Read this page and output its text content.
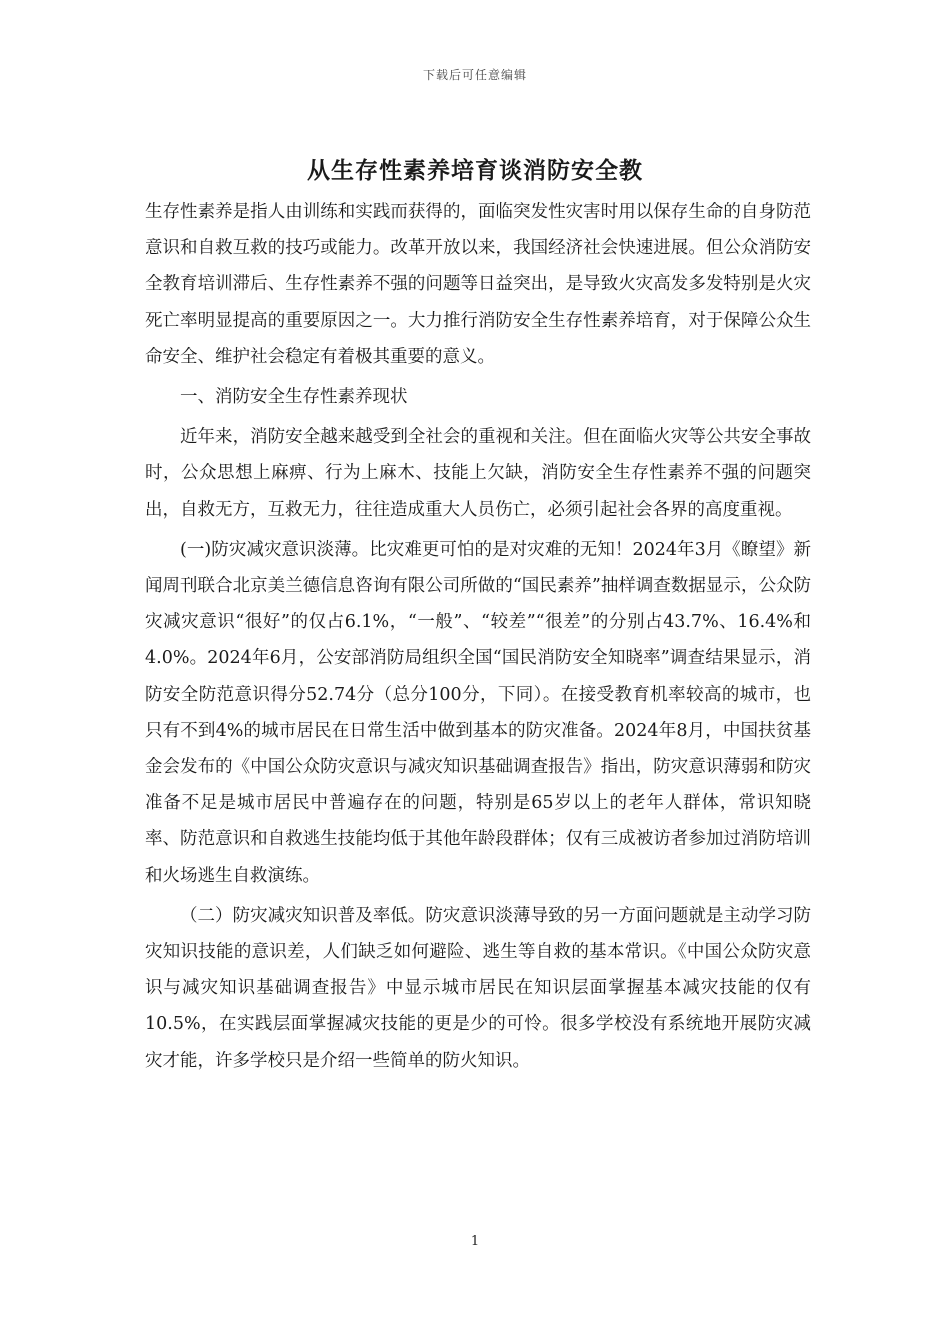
下载后可任意编辑
从生存性素养培育谈消防安全教

生存性素养是指人由训练和实践而获得的，面临突发性灾害时用以保存生命的自身防范意识和自救互救的技巧或能力。改革开放以来，我国经济社会快速进展。但公众消防安全教育培训滞后、生存性素养不强的问题等日益突出，是导致火灾高发多发特别是火灾死亡率明显提高的重要原因之一。大力推行消防安全生存性素养培育，对于保障公众生命安全、维护社会稳定有着极其重要的意义。

一、消防安全生存性素养现状

近年来，消防安全越来越受到全社会的重视和关注。但在面临火灾等公共安全事故时，公众思想上麻痹、行为上麻木、技能上欠缺，消防安全生存性素养不强的问题突出，自救无方，互救无力，往往造成重大人员伤亡，必须引起社会各界的高度重视。

(一)防灾减灾意识淡薄。比灾难更可怕的是对灾难的无知！2024年3月《瞭望》新闻周刊联合北京美兰德信息咨询有限公司所做的“国民素养”抽样调查数据显示，公众防灾减灾意识“很好”的仅占6.1%，“一般”、“较差”“很差”的分别占43.7%、16.4%和4.0%。2024年6月，公安部消防局组织全国“国民消防安全知晓率”调查结果显示，消防安全防范意识得分52.74分（总分100分，下同）。在接受教育机率较高的城市，也只有不到4%的城市居民在日常生活中做到基本的防灾准备。2024年8月，中国扶贫基金会发布的《中国公众防灾意识与减灾知识基础调查报告》指出，防灾意识薄弱和防灾准备不足是城市居民中普遍存在的问题，特别是65岁以上的老年人群体，常识知晓率、防范意识和自救逃生技能均低于其他年龄段群体；仅有三成被访者参加过消防培训和火场逃生自救演练。

（二）防灾减灾知识普及率低。防灾意识淡薄导致的另一方面问题就是主动学习防灾知识技能的意识差，人们缺乏如何避险、逃生等自救的基本常识。《中国公众防灾意识与减灾知识基础调查报告》中显示城市居民在知识层面掌握基本减灾技能的仅有10.5%，在实践层面掌握减灾技能的更是少的可怜。很多学校没有系统地开展防灾减灾才能，许多学校只是介绍一些简单的防火知识。

1
